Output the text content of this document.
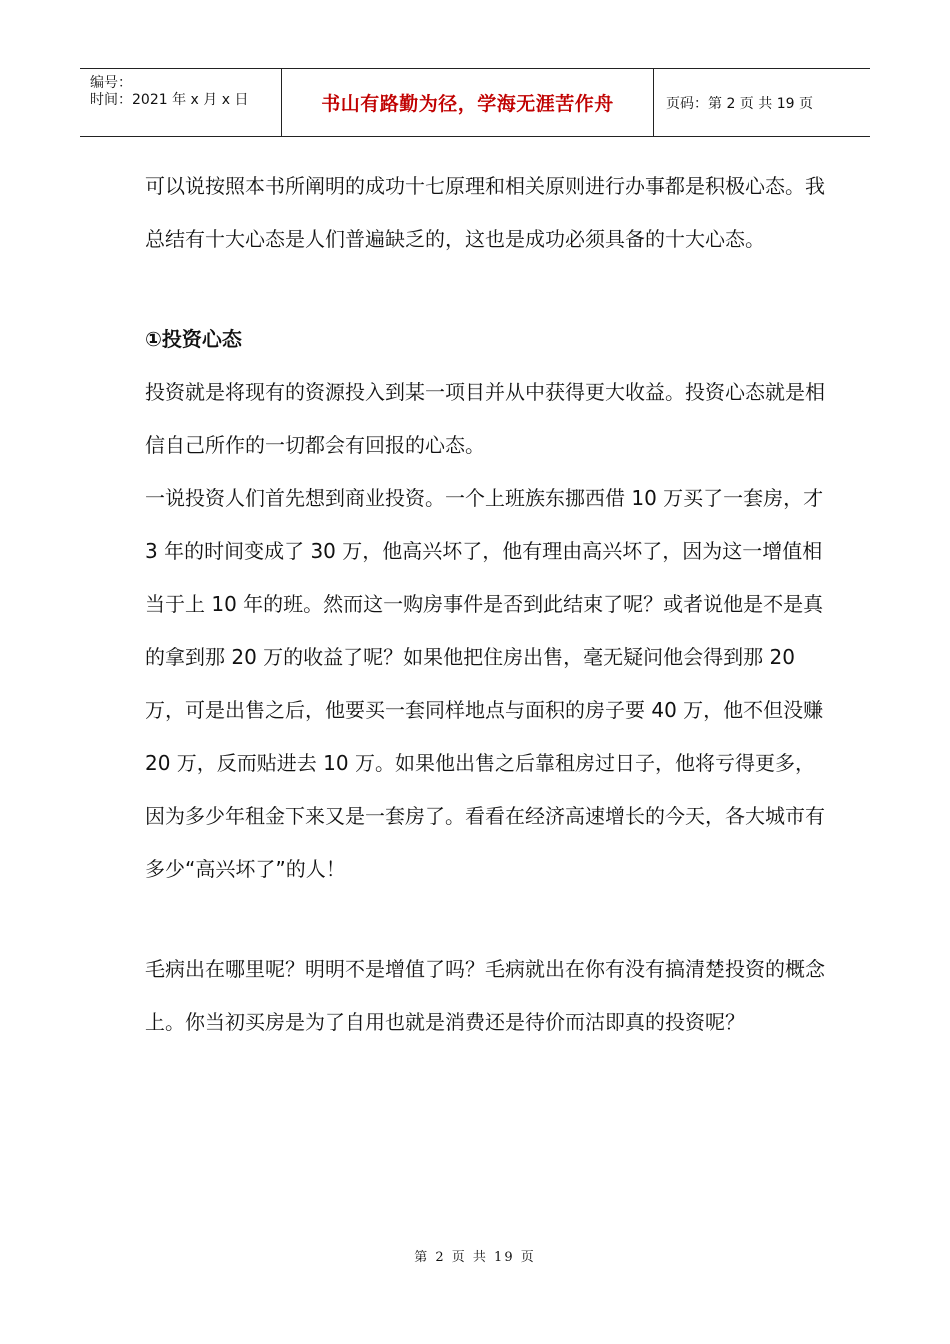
编号：
时间：2021 年 x 月 x 日	书山有路勤为径，学海无涯苦作舟	页码：第 2 页 共 19 页

可以说按照本书所阐明的成功十七原理和相关原则进行办事都是积极心态。我总结有十大心态是人们普遍缺乏的，这也是成功必须具备的十大心态。

①投资心态

投资就是将现有的资源投入到某一项目并从中获得更大收益。投资心态就是相信自己所作的一切都会有回报的心态。

一说投资人们首先想到商业投资。一个上班族东挪西借 10 万买了一套房，才 3 年的时间变成了 30 万，他高兴坏了，他有理由高兴坏了，因为这一增值相当于上 10 年的班。然而这一购房事件是否到此结束了呢？或者说他是不是真的拿到那 20 万的收益了呢？如果他把住房出售，毫无疑问他会得到那 20 万，可是出售之后，他要买一套同样地点与面积的房子要 40 万，他不但没赚 20 万，反而贴进去 10 万。如果他出售之后靠租房过日子，他将亏得更多，因为多少年租金下来又是一套房了。看看在经济高速增长的今天，各大城市有多少“高兴坏了”的人！

毛病出在哪里呢？明明不是增值了吗？毛病就出在你有没有搞清楚投资的概念上。你当初买房是为了自用也就是消费还是待价而沽即真的投资呢？

第 2 页 共 19 页
